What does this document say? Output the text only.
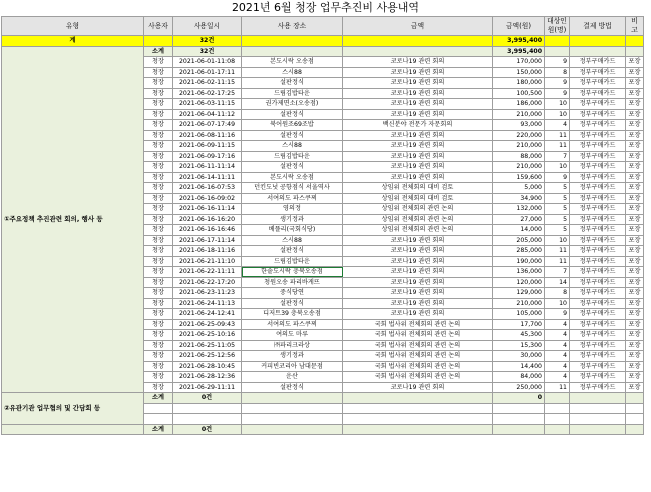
2021년 6월 청장 업무추진비 사용내역
유형	사용자	사용일시	사용 장소	금액	금액(원)	대상인원(명)	결제 방법	비고
계		32건			3,995,400			
①주요정책 추진관련 회의, 행사 등	소계	32건			3,995,400			
	청장	2021-06-01-11:08	본도시락 오송점	코로나19 관련 회의	170,000	9	정부구매카드	포장
	청장	2021-06-01-17:11	스시88	코로나19 관련 회의	150,000	8	정부구매카드	포장
	청장	2021-06-02-11:15	설판정식	코로나19 관련 회의	180,000	9	정부구매카드	포장
	청장	2021-06-02-17:25	드림김밥타운	코로나19 관련 회의	100,500	9	정부구매카드	포장
	청장	2021-06-03-11:15	권가제면소(오송점)	코로나19 관련 회의	186,000	10	정부구매카드	포장
	청장	2021-06-04-11:12	설판정식	코로나19 관련 회의	210,000	10	정부구매카드	포장
	청장	2021-06-07-17:49	북어원조69조밥	백신분야 전문가 자문회의	93,000	4	정부구매카드	포장
	청장	2021-06-08-11:16	설판정식	코로나19 관련 회의	220,000	11	정부구매카드	포장
	청장	2021-06-09-11:15	스시88	코로나19 관련 회의	210,000	11	정부구매카드	포장
	청장	2021-06-09-17:16	드림김밥타운	코로나19 관련 회의	88,000	7	정부구매카드	포장
	청장	2021-06-11-11:14	설판정식	코로나19 관련 회의	210,000	10	정부구매카드	포장
	청장	2021-06-14-11:11	본도시락 오송점	코로나19 관련 회의	159,600	9	정부구매카드	포장
	청장	2021-06-16-07:53	던킨도넛 공항점식 서울역사	상임위 전체회의 대비 검토	5,000	5	정부구매카드	포장
	청장	2021-06-16-09:02	서여의도 파스쿠찌	상임위 전체회의 대비 검토	34,900	5	정부구매카드	포장
	청장	2021-06-16-11:14	영의정	상임위 전체회의 관련 논의	132,000	5	정부구매카드	포장
	청장	2021-06-16-16:20	생기정과	상임위 전체회의 관련 논의	27,000	5	정부구매카드	포장
	청장	2021-06-16-16:46	베플리(국회식당)	상임위 전체회의 관련 논의	14,000	5	정부구매카드	포장
	청장	2021-06-17-11:14	스시88	코로나19 관련 회의	205,000	10	정부구매카드	포장
	청장	2021-06-18-11:16	설판정식	코로나19 관련 회의	285,000	11	정부구매카드	포장
	청장	2021-06-21-11:10	드림김밥타운	코로나19 관련 회의	190,000	11	정부구매카드	포장
	청장	2021-06-22-11:11	한솥도시락 충북오송점	코로나19 관련 회의	136,000	7	정부구매카드	포장
	청장	2021-06-22-17:20	청원오송 파리바게뜨	코로나19 관련 회의	120,000	14	정부구매카드	포장
	청장	2021-06-23-11:23	중식당연	코로나19 관련 회의	129,000	8	정부구매카드	포장
	청장	2021-06-24-11:13	설판정식	코로나19 관련 회의	210,000	10	정부구매카드	포장
	청장	2021-06-24-12:41	디저트39 충북오송점	코로나19 관련 회의	105,000	9	정부구매카드	포장
	청장	2021-06-25-09:43	서여의도 파스쿠찌	국회 법사위 전체회의 관련 논의	17,700	4	정부구매카드	포장
	청장	2021-06-25-10:16	여의도 마루	국회 법사위 전체회의 관련 논의	45,300	4	정부구매카드	포장
	청장	2021-06-25-11:05	㈜파리크라상	국회 법사위 전체회의 관련 논의	15,300	4	정부구매카드	포장
	청장	2021-06-25-12:56	생기정과	국회 법사위 전체회의 관련 논의	30,000	4	정부구매카드	포장
	청장	2021-06-28-10:45	커피빈코리아 남대문점	국회 법사위 전체회의 관련 논의	14,400	4	정부구매카드	포장
	청장	2021-06-28-12:36	운산	국회 법사위 전체회의 관련 논의	84,000	4	정부구매카드	포장
	청장	2021-06-29-11:11	설판정식	코로나19 관련 회의	250,000	11	정부구매카드	포장
②유관기관 업무협의 및 간담회 등	소계	0건			0			

	소계	0건						
